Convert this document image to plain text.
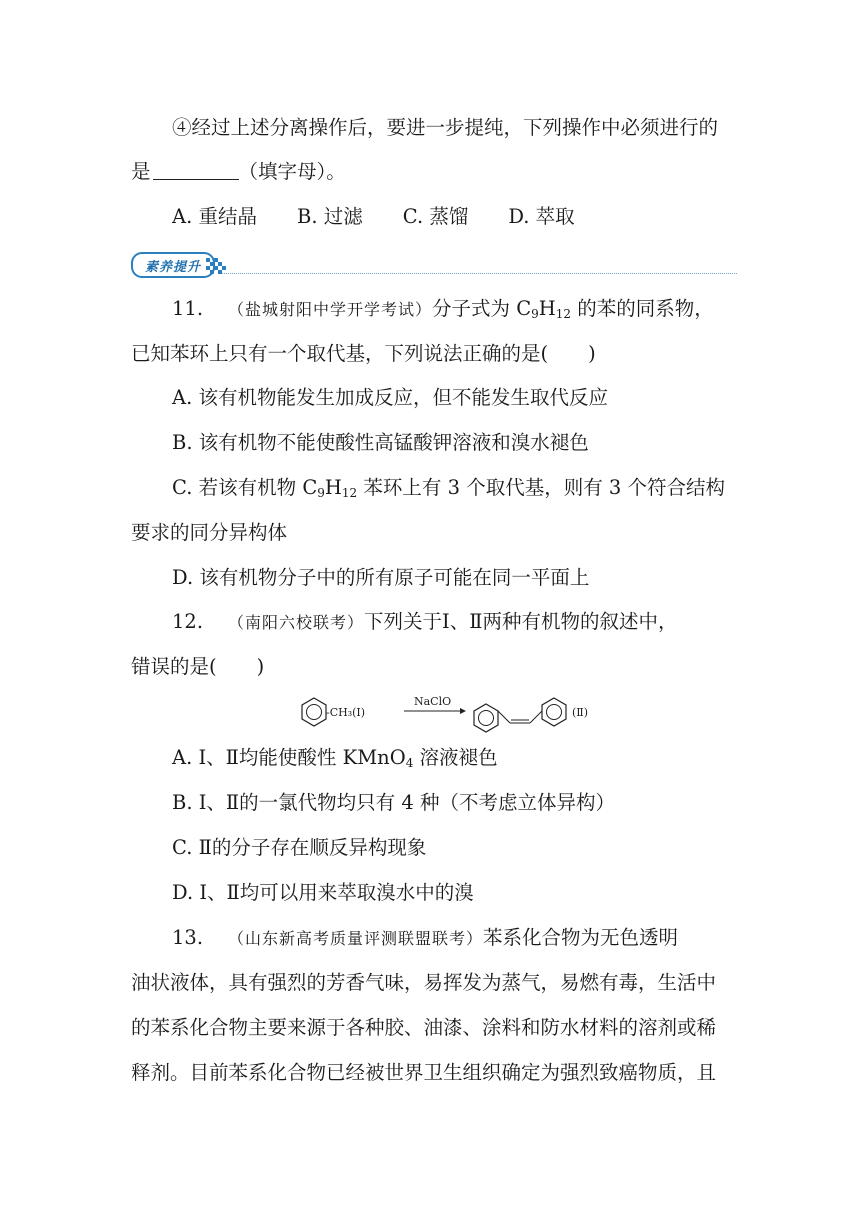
④经过上述分离操作后，要进一步提纯，下列操作中必须进行的
是	（填字母）。
A. 重结晶 B. 过滤 C. 蒸馏 D. 萃取
素养提升
11. （盐城射阳中学开学考试）分子式为 $C_9H_{12}$ 的苯的同系物，
已知苯环上只有一个取代基，下列说法正确的是( )
A. 该有机物能发生加成反应，但不能发生取代反应
B. 该有机物不能使酸性高锰酸钾溶液和溴水褪色
C. 若该有机物 $C_9H_{12}$ 苯环上有 3 个取代基，则有 3 个符合结构
要求的同分异构体
D. 该有机物分子中的所有原子可能在同一平面上
12. （南阳六校联考）下列关于Ⅰ、Ⅱ两种有机物的叙述中，
错误的是( )
-CH₃(Ⅰ)
NaClO
(Ⅱ)
A. Ⅰ、Ⅱ均能使酸性 KMnO$_4$ 溶液褪色
B. Ⅰ、Ⅱ的一氯代物均只有 4 种（不考虑立体异构）
C. Ⅱ的分子存在顺反异构现象
D. Ⅰ、Ⅱ均可以用来萃取溴水中的溴
13. （山东新高考质量评测联盟联考）苯系化合物为无色透明
油状液体，具有强烈的芳香气味，易挥发为蒸气，易燃有毒，生活中
的苯系化合物主要来源于各种胶、油漆、涂料和防水材料的溶剂或稀
释剂。目前苯系化合物已经被世界卫生组织确定为强烈致癌物质，且
